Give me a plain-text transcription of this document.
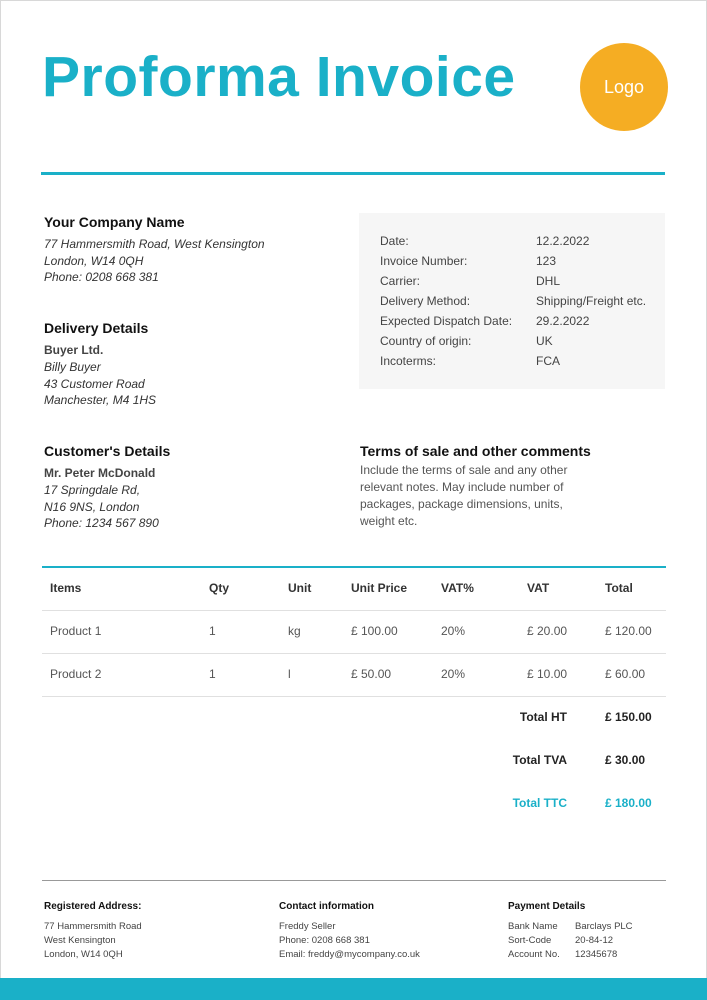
Proforma Invoice	Logo
Your Company Name
77 Hammersmith Road, West Kensington
London, W14 0QH
Phone: 0208 668 381
Delivery Details
Buyer Ltd.
Billy Buyer
43 Customer Road
Manchester, M4 1HS
Customer's Details
Mr. Peter McDonald
17 Springdale Rd,
N16 9NS, London
Phone: 1234 567 890
Date:	12.2.2022
Invoice Number:	123
Carrier:	DHL
Delivery Method:	Shipping/Freight etc.
Expected Dispatch Date:	29.2.2022
Country of origin:	UK
Incoterms:	FCA
Terms of sale and other comments
Include the terms of sale and any other relevant notes. May include number of packages, package dimensions, units, weight etc.
Items	Qty	Unit	Unit Price	VAT%	VAT	Total
Product 1	1	kg	£ 100.00	20%	£ 20.00	£ 120.00
Product 2	1	l	£ 50.00	20%	£ 10.00	£ 60.00
Total HT	£ 150.00
Total TVA	£ 30.00
Total TTC	£ 180.00
Registered Address:
77 Hammersmith Road
West Kensington
London, W14 0QH
Contact information
Freddy Seller
Phone: 0208 668 381
Email: freddy@mycompany.co.uk
Payment Details
Bank Name Barclays PLC
Sort-Code 20-84-12
Account No. 12345678
